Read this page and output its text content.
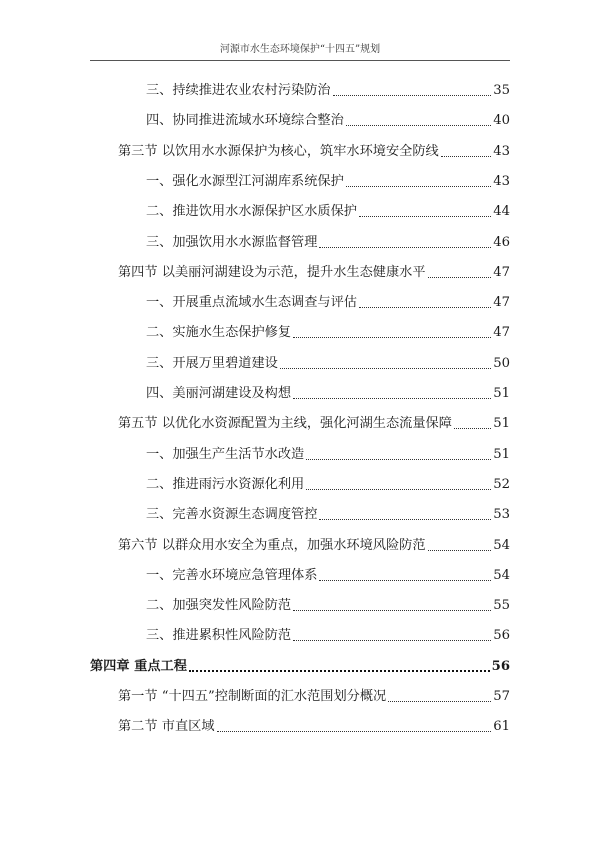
河源市水生态环境保护“十四五”规划
三、持续推进农业农村污染防治	35
四、协同推进流域水环境综合整治	40
第三节 以饮用水水源保护为核心，筑牢水环境安全防线	43
一、强化水源型江河湖库系统保护	43
二、推进饮用水水源保护区水质保护	44
三、加强饮用水水源监督管理	46
第四节 以美丽河湖建设为示范，提升水生态健康水平	47
一、开展重点流域水生态调查与评估	47
二、实施水生态保护修复	47
三、开展万里碧道建设	50
四、美丽河湖建设及构想	51
第五节 以优化水资源配置为主线，强化河湖生态流量保障	51
一、加强生产生活节水改造	51
二、推进雨污水资源化利用	52
三、完善水资源生态调度管控	53
第六节 以群众用水安全为重点，加强水环境风险防范	54
一、完善水环境应急管理体系	54
二、加强突发性风险防范	55
三、推进累积性风险防范	56
第四章 重点工程	56
第一节 “十四五”控制断面的汇水范围划分概况	57
第二节 市直区域	61
